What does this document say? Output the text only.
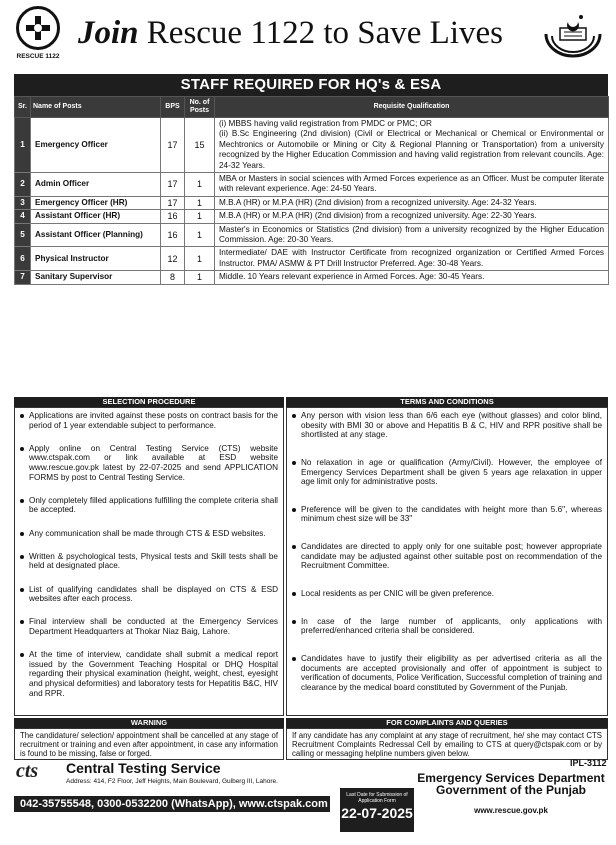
RESCUE 1122
Join Rescue 1122 to Save Lives
STAFF REQUIRED FOR HQ's & ESA
Sr.	Name of Posts	BPS	No. of Posts	Requisite Qualification
1	Emergency Officer	17	15	(i) MBBS having valid registration from PMDC or PMC; OR
(ii) B.Sc Engineering (2nd division) (Civil or Electrical or Mechanical or Chemical or Environmental or Mechtronics or Automobile or Mining or City & Regional Planning or Transportation) from a university recognized by the Higher Education Commission and having valid registration from relevant councils. Age: 24-32 Years.

2	Admin Officer	17	1	MBA or Masters in social sciences with Armed Forces experience as an Officer. Must be computer literate with relevant experience. Age: 24-50 Years.

3	Emergency Officer (HR)	17	1	M.B.A (HR) or M.P.A (HR) (2nd division) from a recognized university. Age: 24-32 Years.

4	Assistant Officer (HR)	16	1	M.B.A (HR) or M.P.A (HR) (2nd division) from a recognized university. Age: 22-30 Years.

5	Assistant Officer (Planning)	16	1	Master's in Economics or Statistics (2nd division) from a university recognized by the Higher Education Commission. Age: 20-30 Years.

6	Physical Instructor	12	1	Intermediate/ DAE with Instructor Certificate from recognized organization or Certified Armed Forces Instructor. PMA/ ASMW & PT Drill Instructor Preferred. Age: 30-48 Years.

7	Sanitary Supervisor	8	1	Middle. 10 Years relevant experience in Armed Forces. Age: 30-45 Years.
SELECTION PROCEDURE
Applications are invited against these posts on contract basis for the period of 1 year extendable subject to performance.
Apply online on Central Testing Service (CTS) website www.ctspak.com or link available at ESD website www.rescue.gov.pk latest by 22-07-2025 and send APPLICATION FORMS by post to Central Testing Service.
Only completely filled applications fulfilling the complete criteria shall be accepted.
Any communication shall be made through CTS & ESD websites.
Written & psychological tests, Physical tests and Skill tests shall be held at designated place.
List of qualifying candidates shall be displayed on CTS & ESD websites after each process.
Final interview shall be conducted at the Emergency Services Department Headquarters at Thokar Niaz Baig, Lahore.
At the time of interview, candidate shall submit a medical report issued by the Government Teaching Hospital or DHQ Hospital regarding their physical examination (height, weight, chest, eyesight and physical deformities) and laboratory tests for Hepatitis B&C, HIV and RPR.
TERMS AND CONDITIONS
Any person with vision less than 6/6 each eye (without glasses) and color blind, obesity with BMI 30 or above and Hepatitis B & C, HIV and RPR positive shall be shortlisted at any stage.
No relaxation in age or qualification (Army/Civil). However, the employee of Emergency Services Department shall be given 5 years age relaxation in upper age limit only for administrative posts.
Preference will be given to the candidates with height more than 5.6", whereas minimum chest size will be 33"
Candidates are directed to apply only for one suitable post; however appropriate candidate may be adjusted against other suitable post on recommendation of the Recruitment Committee.
Local residents as per CNIC will be given preference.
In case of the large number of applicants, only applications with preferred/enhanced criteria shall be considered.
Candidates have to justify their eligibility as per advertised criteria as all the documents are accepted provisionally and offer of appointment is subject to verification of documents, Police Verification, Successful completion of training and clearance by the medical board constituted by Government of the Punjab.
WARNING
The candidature/ selection/ appointment shall be cancelled at any stage of recruitment or training and even after appointment, in case any information is found to be missing, false or forged.
FOR COMPLAINTS AND QUERIES
If any candidate has any complaint at any stage of recruitment, he/ she may contact CTS Recruitment Complaints Redressal Cell by emailing to CTS at query@ctspak.com or by calling or messaging helpline numbers given below.
cts Central Testing Service
Address: 414, F2 Floor, Jeff Heights, Main Boulevard, Gulberg III, Lahore.
042-35755548, 0300-0532200 (WhatsApp), www.ctspak.com
Last Date for Submission of Application Form
22-07-2025
IPL-3112
Emergency Services Department
Government of the Punjab
www.rescue.gov.pk
